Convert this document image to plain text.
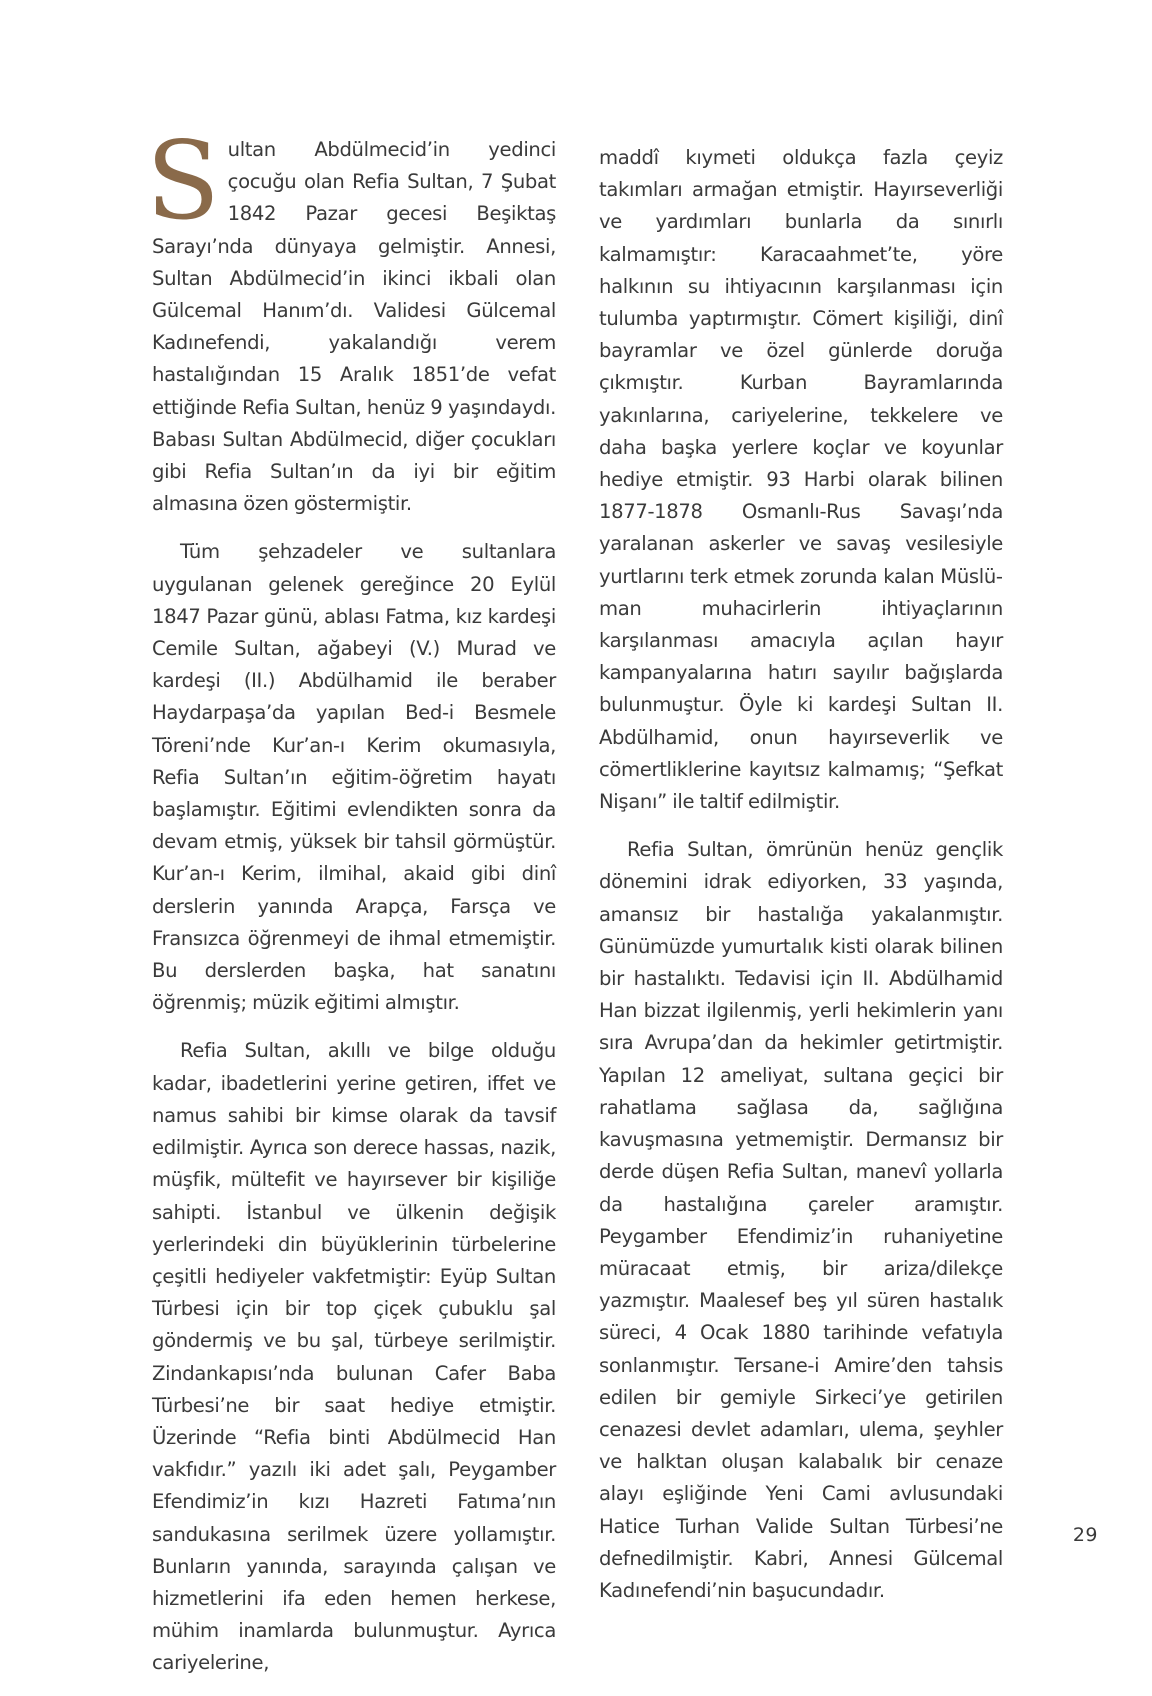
Sultan Abdülmecid’in yedinci çocuğu olan Refia Sultan, 7 Şubat 1842 Pazar gecesi Beşiktaş Sarayı’nda dünyaya gelmiştir. Annesi, Sultan Abdülmecid’in ikinci ikbali olan Gülcemal Hanım’dı. Validesi Gülcemal Kadınefendi, yakalandığı verem hastalığından 15 Aralık 1851’de vefat ettiğinde Refia Sultan, henüz 9 yaşındaydı. Babası Sultan Abdülmecid, diğer çocukları gibi Refia Sultan’ın da iyi bir eğitim almasına özen göstermiştir.

Tüm şehzadeler ve sultanlara uygulanan gelenek gereğince 20 Eylül 1847 Pazar günü, ablası Fatma, kız kardeşi Cemile Sultan, ağabeyi (V.) Murad ve kardeşi (II.) Abdülhamid ile beraber Haydarpaşa’da yapılan Bed-i Besmele Töreni’nde Kur’an-ı Kerim okumasıyla, Refia Sultan’ın eğitim-öğretim hayatı başlamıştır. Eğitimi evlendikten sonra da devam etmiş, yüksek bir tahsil görmüştür. Kur’an-ı Kerim, ilmihal, akaid gibi dinî derslerin yanında Arapça, Farsça ve Fransızca öğrenmeyi de ihmal etmemiştir. Bu derslerden başka, hat sanatını öğrenmiş; müzik eğitimi almıştır.

Refia Sultan, akıllı ve bilge olduğu kadar, ibadetlerini yerine getiren, iffet ve namus sahibi bir kimse olarak da tavsif edilmiştir. Ayrıca son derece hassas, nazik, müşfik, mültefit ve hayırsever bir kişiliğe sahipti. İstanbul ve ülkenin değişik yerlerindeki din büyüklerinin türbelerine çeşitli hediyeler vakfetmiştir: Eyüp Sultan Türbesi için bir top çiçek çubuklu şal göndermiş ve bu şal, türbeye serilmiştir. Zindankapısı’nda bulunan Cafer Baba Türbesi’ne bir saat hediye etmiştir. Üzerinde “Refia binti Abdülmecid Han vakfıdır.” yazılı iki adet şalı, Peygamber Efendimiz’in kızı Hazreti Fatıma’nın sandukasına serilmek üzere yollamıştır. Bunların yanında, sarayında çalışan ve hizmetlerini ifa eden hemen herkese, mühim inamlarda bulunmuştur. Ayrıca cariyelerine,

maddî kıymeti oldukça fazla çeyiz takımları armağan etmiştir. Hayırseverliği ve yardımları bunlarla da sınırlı kalmamıştır: Karacaahmet’te, yöre halkının su ihtiyacının karşılanması için tulumba yaptırmıştır. Cömert kişiliği, dinî bayramlar ve özel günlerde doruğa çıkmıştır. Kurban Bayramlarında yakınlarına, cariyelerine, tekkelere ve daha başka yerlere koçlar ve koyunlar hediye etmiştir. 93 Harbi olarak bilinen 1877-1878 Osmanlı-Rus Savaşı’nda yaralanan askerler ve savaş vesilesiyle yurtlarını terk etmek zorunda kalan Müslüman muhacirlerin ihtiyaçlarının karşılanması amacıyla açılan hayır kampanyalarına hatırı sayılır bağışlarda bulunmuştur. Öyle ki kardeşi Sultan II. Abdülhamid, onun hayırseverlik ve cömertliklerine kayıtsız kalmamış; “Şefkat Nişanı” ile taltif edilmiştir.

Refia Sultan, ömrünün henüz gençlik dönemini idrak ediyorken, 33 yaşında, amansız bir hastalığa yakalanmıştır. Günümüzde yumurtalık kisti olarak bilinen bir hastalıktı. Tedavisi için II. Abdülhamid Han bizzat ilgilenmiş, yerli hekimlerin yanı sıra Avrupa’dan da hekimler getirtmiştir. Yapılan 12 ameliyat, sultana geçici bir rahatlama sağlasa da, sağlığına kavuşmasına yetmemiştir. Dermansız bir derde düşen Refia Sultan, manevî yollarla da hastalığına çareler aramıştır. Peygamber Efendimiz’in ruhaniyetine müracaat etmiş, bir ariza/dilekçe yazmıştır. Maalesef beş yıl süren hastalık süreci, 4 Ocak 1880 tarihinde vefatıyla sonlanmıştır. Tersane-i Amire’den tahsis edilen bir gemiyle Sirkeci’ye getirilen cenazesi devlet adamları, ulema, şeyhler ve halktan oluşan kalabalık bir cenaze alayı eşliğinde Yeni Cami avlusundaki Hatice Turhan Valide Sultan Türbesi’ne defnedilmiştir. Kabri, Annesi Gülcemal Kadınefendi’nin başucundadır.

29
